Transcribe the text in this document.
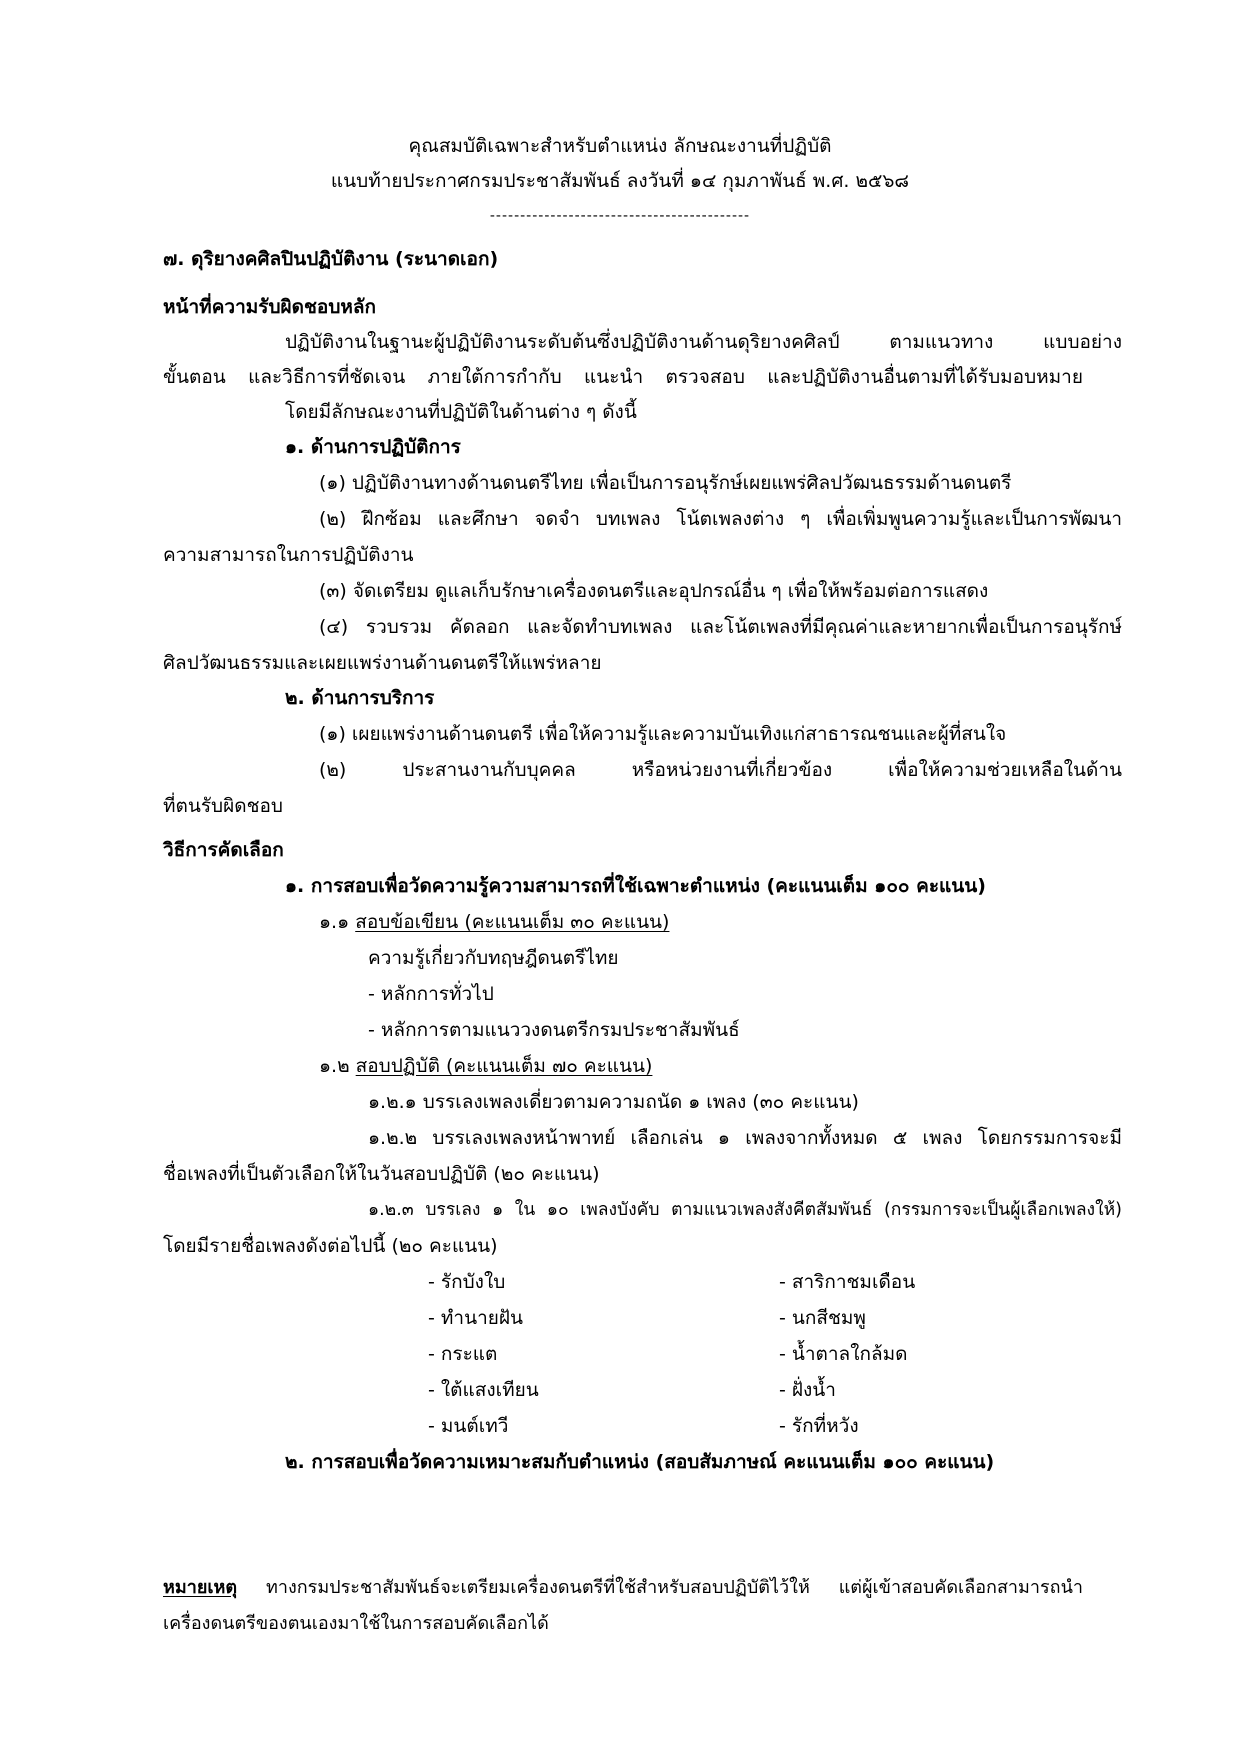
คุณสมบัติเฉพาะสำหรับตำแหน่ง ลักษณะงานที่ปฏิบัติ
แนบท้ายประกาศกรมประชาสัมพันธ์ ลงวันที่ ๑๔ กุมภาพันธ์ พ.ศ. ๒๕๖๘
-------------------------------------------
๗. ดุริยางคศิลปินปฏิบัติงาน (ระนาดเอก)
หน้าที่ความรับผิดชอบหลัก
ปฏิบัติงานในฐานะผู้ปฏิบัติงานระดับต้นซึ่งปฏิบัติงานด้านดุริยางคศิลป์ ตามแนวทาง แบบอย่าง
ขั้นตอน และวิธีการที่ชัดเจน ภายใต้การกำกับ แนะนำ ตรวจสอบ และปฏิบัติงานอื่นตามที่ได้รับมอบหมาย
โดยมีลักษณะงานที่ปฏิบัติในด้านต่าง ๆ ดังนี้
๑. ด้านการปฏิบัติการ
(๑) ปฏิบัติงานทางด้านดนตรีไทย เพื่อเป็นการอนุรักษ์เผยแพร่ศิลปวัฒนธรรมด้านดนตรี
(๒) ฝึกซ้อม และศึกษา จดจำ บทเพลง โน้ตเพลงต่าง ๆ เพื่อเพิ่มพูนความรู้และเป็นการพัฒนา
ความสามารถในการปฏิบัติงาน
(๓) จัดเตรียม ดูแลเก็บรักษาเครื่องดนตรีและอุปกรณ์อื่น ๆ เพื่อให้พร้อมต่อการแสดง
(๔) รวบรวม คัดลอก และจัดทำบทเพลง และโน้ตเพลงที่มีคุณค่าและหายากเพื่อเป็นการอนุรักษ์
ศิลปวัฒนธรรมและเผยแพร่งานด้านดนตรีให้แพร่หลาย
๒. ด้านการบริการ
(๑) เผยแพร่งานด้านดนตรี เพื่อให้ความรู้และความบันเทิงแก่สาธารณชนและผู้ที่สนใจ
(๒) ประสานงานกับบุคคล หรือหน่วยงานที่เกี่ยวข้อง เพื่อให้ความช่วยเหลือในด้าน
ที่ตนรับผิดชอบ
วิธีการคัดเลือก
๑. การสอบเพื่อวัดความรู้ความสามารถที่ใช้เฉพาะตำแหน่ง (คะแนนเต็ม ๑๐๐ คะแนน)
๑.๑ สอบข้อเขียน (คะแนนเต็ม ๓๐ คะแนน)
ความรู้เกี่ยวกับทฤษฎีดนตรีไทย
- หลักการทั่วไป
- หลักการตามแนววงดนตรีกรมประชาสัมพันธ์
๑.๒ สอบปฏิบัติ (คะแนนเต็ม ๗๐ คะแนน)
๑.๒.๑ บรรเลงเพลงเดี่ยวตามความถนัด ๑ เพลง (๓๐ คะแนน)
๑.๒.๒ บรรเลงเพลงหน้าพาทย์ เลือกเล่น ๑ เพลงจากทั้งหมด ๕ เพลง โดยกรรมการจะมี
ชื่อเพลงที่เป็นตัวเลือกให้ในวันสอบปฏิบัติ (๒๐ คะแนน)
๑.๒.๓ บรรเลง ๑ ใน ๑๐ เพลงบังคับ ตามแนวเพลงสังคีตสัมพันธ์ (กรรมการจะเป็นผู้เลือกเพลงให้)
โดยมีรายชื่อเพลงดังต่อไปนี้ (๒๐ คะแนน)
- รักบังใบ
- ทำนายฝัน
- กระแต
- ใต้แสงเทียน
- มนต์เทวี
- สาริกาชมเดือน
- นกสีชมพู
- น้ำตาลใกล้มด
- ฝั่งน้ำ
- รักที่หวัง
๒. การสอบเพื่อวัดความเหมาะสมกับตำแหน่ง (สอบสัมภาษณ์ คะแนนเต็ม ๑๐๐ คะแนน)
หมายเหตุ ทางกรมประชาสัมพันธ์จะเตรียมเครื่องดนตรีที่ใช้สำหรับสอบปฏิบัติไว้ให้ แต่ผู้เข้าสอบคัดเลือกสามารถนำ
เครื่องดนตรีของตนเองมาใช้ในการสอบคัดเลือกได้
